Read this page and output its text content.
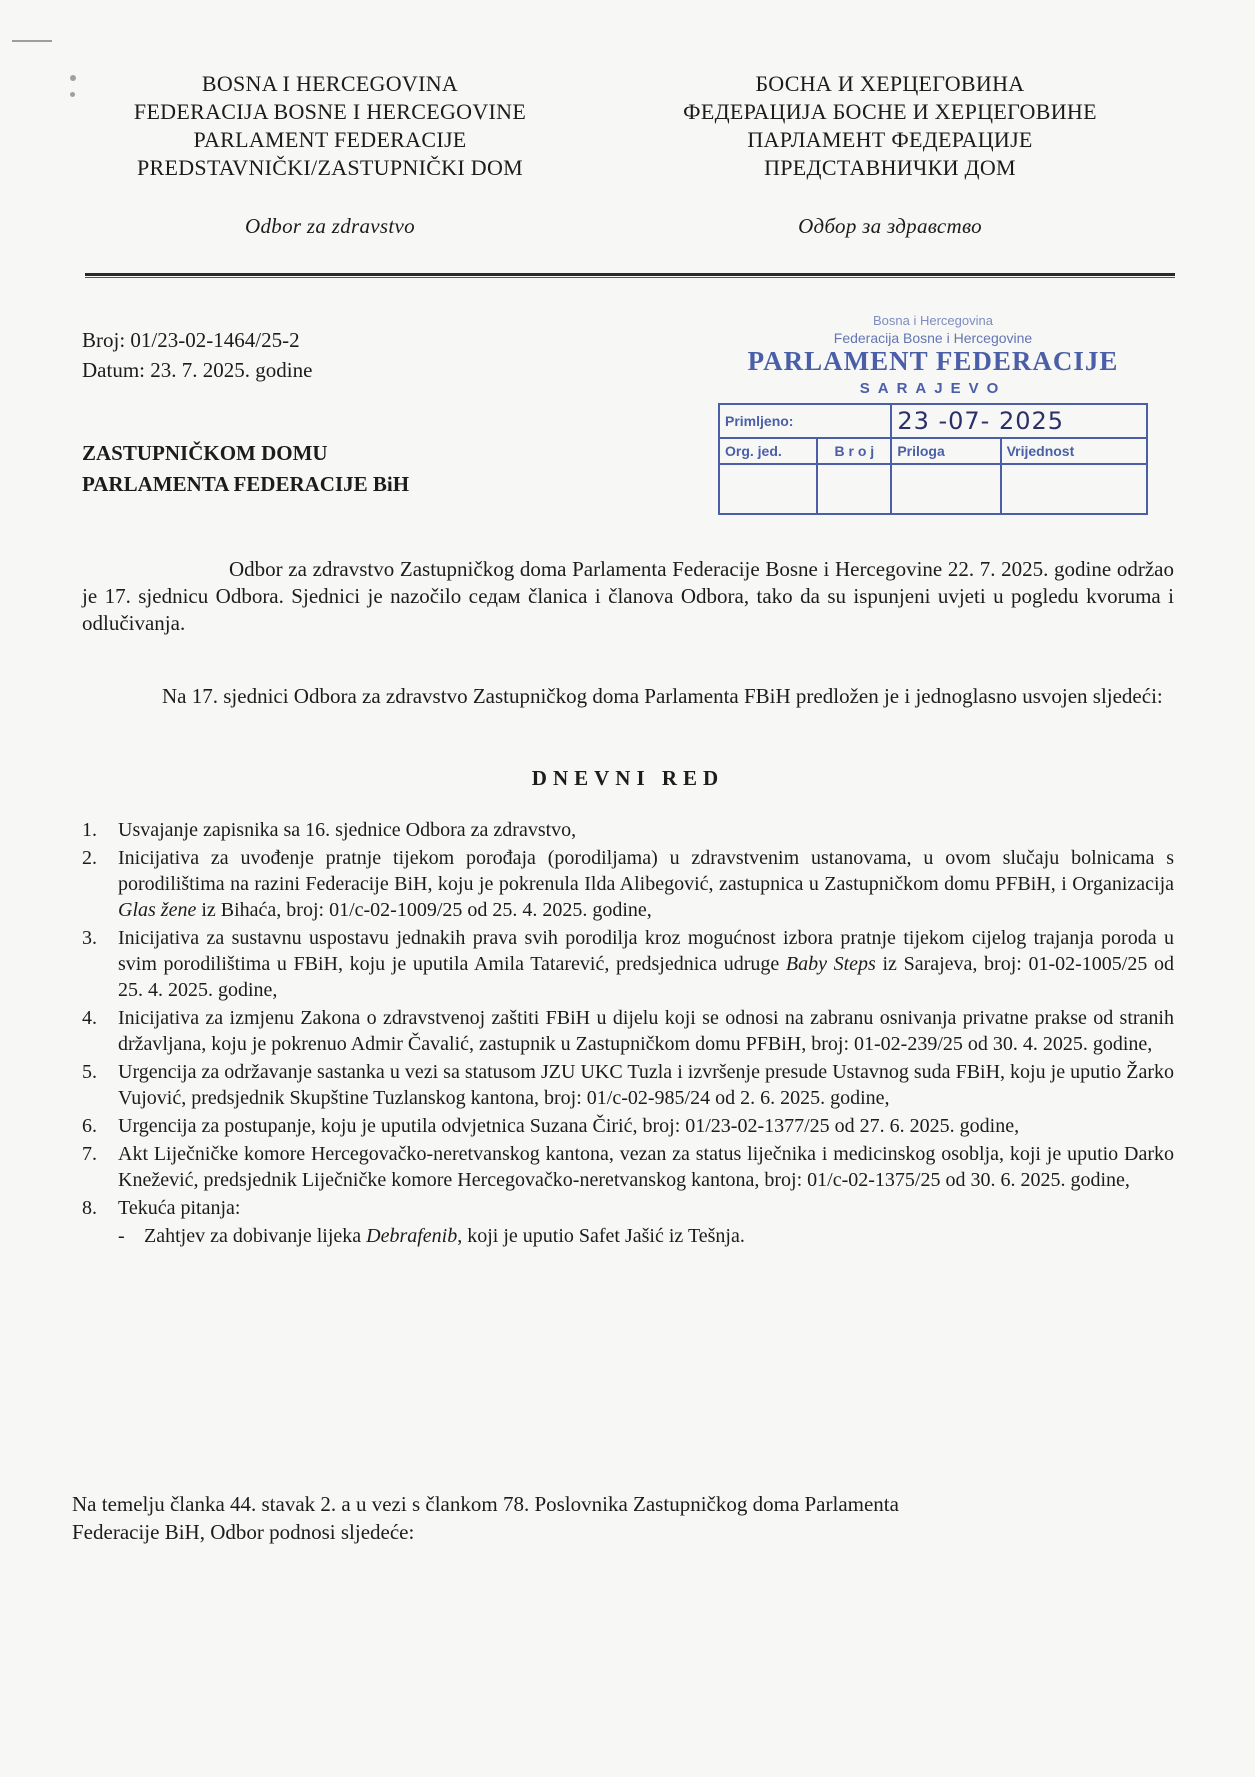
BOSNA I HERCEGOVINA
FEDERACIJA BOSNE I HERCEGOVINE
PARLAMENT FEDERACIJE
PREDSTAVNIČKI/ZASTUPNIČKI DOM
Odbor za zdravstvo
БОСНА И ХЕРЦЕГОВИНА
ФЕДЕРАЦИЈА БОСНЕ И ХЕРЦЕГОВИНЕ
ПАРЛАМЕНТ ФЕДЕРАЦИЈЕ
ПРЕДСТАВНИЧКИ ДОМ
Одбор за здравство
Broj: 01/23-02-1464/25-2
Datum: 23. 7. 2025. godine
Bosna i Hercegovina
Federacija Bosne i Hercegovine
PARLAMENT FEDERACIJE
SARAJEVO
Primljeno:		23 -07- 2025	
Org. jed.	B r o j	Priloga	Vrijednost

ZASTUPNIČKOM DOMU
PARLAMENTA FEDERACIJE BiH
Odbor za zdravstvo Zastupničkog doma Parlamenta Federacije Bosne i Hercegovine 22. 7. 2025. godine održao je 17. sjednicu Odbora. Sjednici je nazočilo седам članica i članova Odbora, tako da su ispunjeni uvjeti u pogledu kvoruma i odlučivanja.
Na 17. sjednici Odbora za zdravstvo Zastupničkog doma Parlamenta FBiH predložen je i jednoglasno usvojen sljedeći:
DNEVNI RED
1. Usvajanje zapisnika sa 16. sjednice Odbora za zdravstvo,
2. Inicijativa za uvođenje pratnje tijekom porođaja (porodiljama) u zdravstvenim ustanovama, u ovom slučaju bolnicama s porodilištima na razini Federacije BiH, koju je pokrenula Ilda Alibegović, zastupnica u Zastupničkom domu PFBiH, i Organizacija Glas žene iz Bihaća, broj: 01/c-02-1009/25 od 25. 4. 2025. godine,
3. Inicijativa za sustavnu uspostavu jednakih prava svih porodilja kroz mogućnost izbora pratnje tijekom cijelog trajanja poroda u svim porodilištima u FBiH, koju je uputila Amila Tatarević, predsjednica udruge Baby Steps iz Sarajeva, broj: 01-02-1005/25 od 25. 4. 2025. godine,
4. Inicijativa za izmjenu Zakona o zdravstvenoj zaštiti FBiH u dijelu koji se odnosi na zabranu osnivanja privatne prakse od stranih državljana, koju je pokrenuo Admir Čavalić, zastupnik u Zastupničkom domu PFBiH, broj: 01-02-239/25 od 30. 4. 2025. godine,
5. Urgencija za održavanje sastanka u vezi sa statusom JZU UKC Tuzla i izvršenje presude Ustavnog suda FBiH, koju je uputio Žarko Vujović, predsjednik Skupštine Tuzlanskog kantona, broj: 01/c-02-985/24 od 2. 6. 2025. godine,
6. Urgencija za postupanje, koju je uputila odvjetnica Suzana Čirić, broj: 01/23-02-1377/25 od 27. 6. 2025. godine,
7. Akt Liječničke komore Hercegovačko-neretvanskog kantona, vezan za status liječnika i medicinskog osoblja, koji je uputio Darko Knežević, predsjednik Liječničke komore Hercegovačko-neretvanskog kantona, broj: 01/c-02-1375/25 od 30. 6. 2025. godine,
8. Tekuća pitanja:
- Zahtjev za dobivanje lijeka Debrafenib, koji je uputio Safet Jašić iz Tešnja.
Na temelju članka 44. stavak 2. a u vezi s člankom 78. Poslovnika Zastupničkog doma Parlamenta
Federacije BiH, Odbor podnosi sljedeće:
